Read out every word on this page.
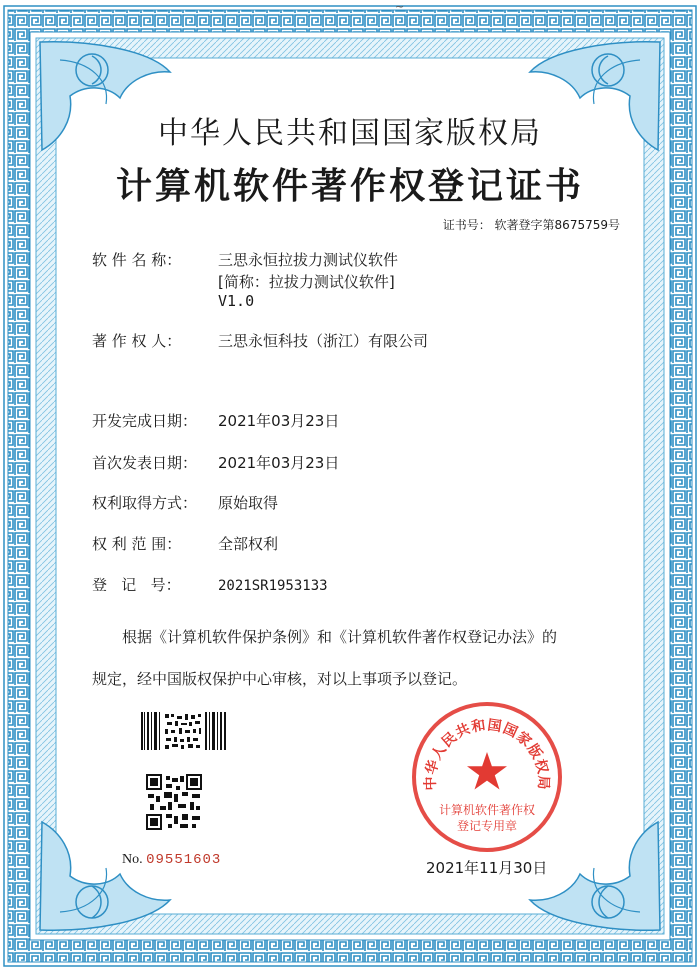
~
中华人民共和国国家版权局
计算机软件著作权登记证书
证书号： 软著登字第8675759号
软 件 名 称： 三思永恒拉拔力测试仪软件
[简称：拉拔力测试仪软件]
V1.0
著 作 权 人： 三思永恒科技（浙江）有限公司
开发完成日期： 2021年03月23日
首次发表日期： 2021年03月23日
权利取得方式： 原始取得
权 利 范 围： 全部权利
登   记   号：	2021SR1953133
根据《计算机软件保护条例》和《计算机软件著作权登记办法》的
规定，经中国版权保护中心审核，对以上事项予以登记。
No. 09551603
中华人民共和国国家版权局
计算机软件著作权
登记专用章
2021年11月30日
